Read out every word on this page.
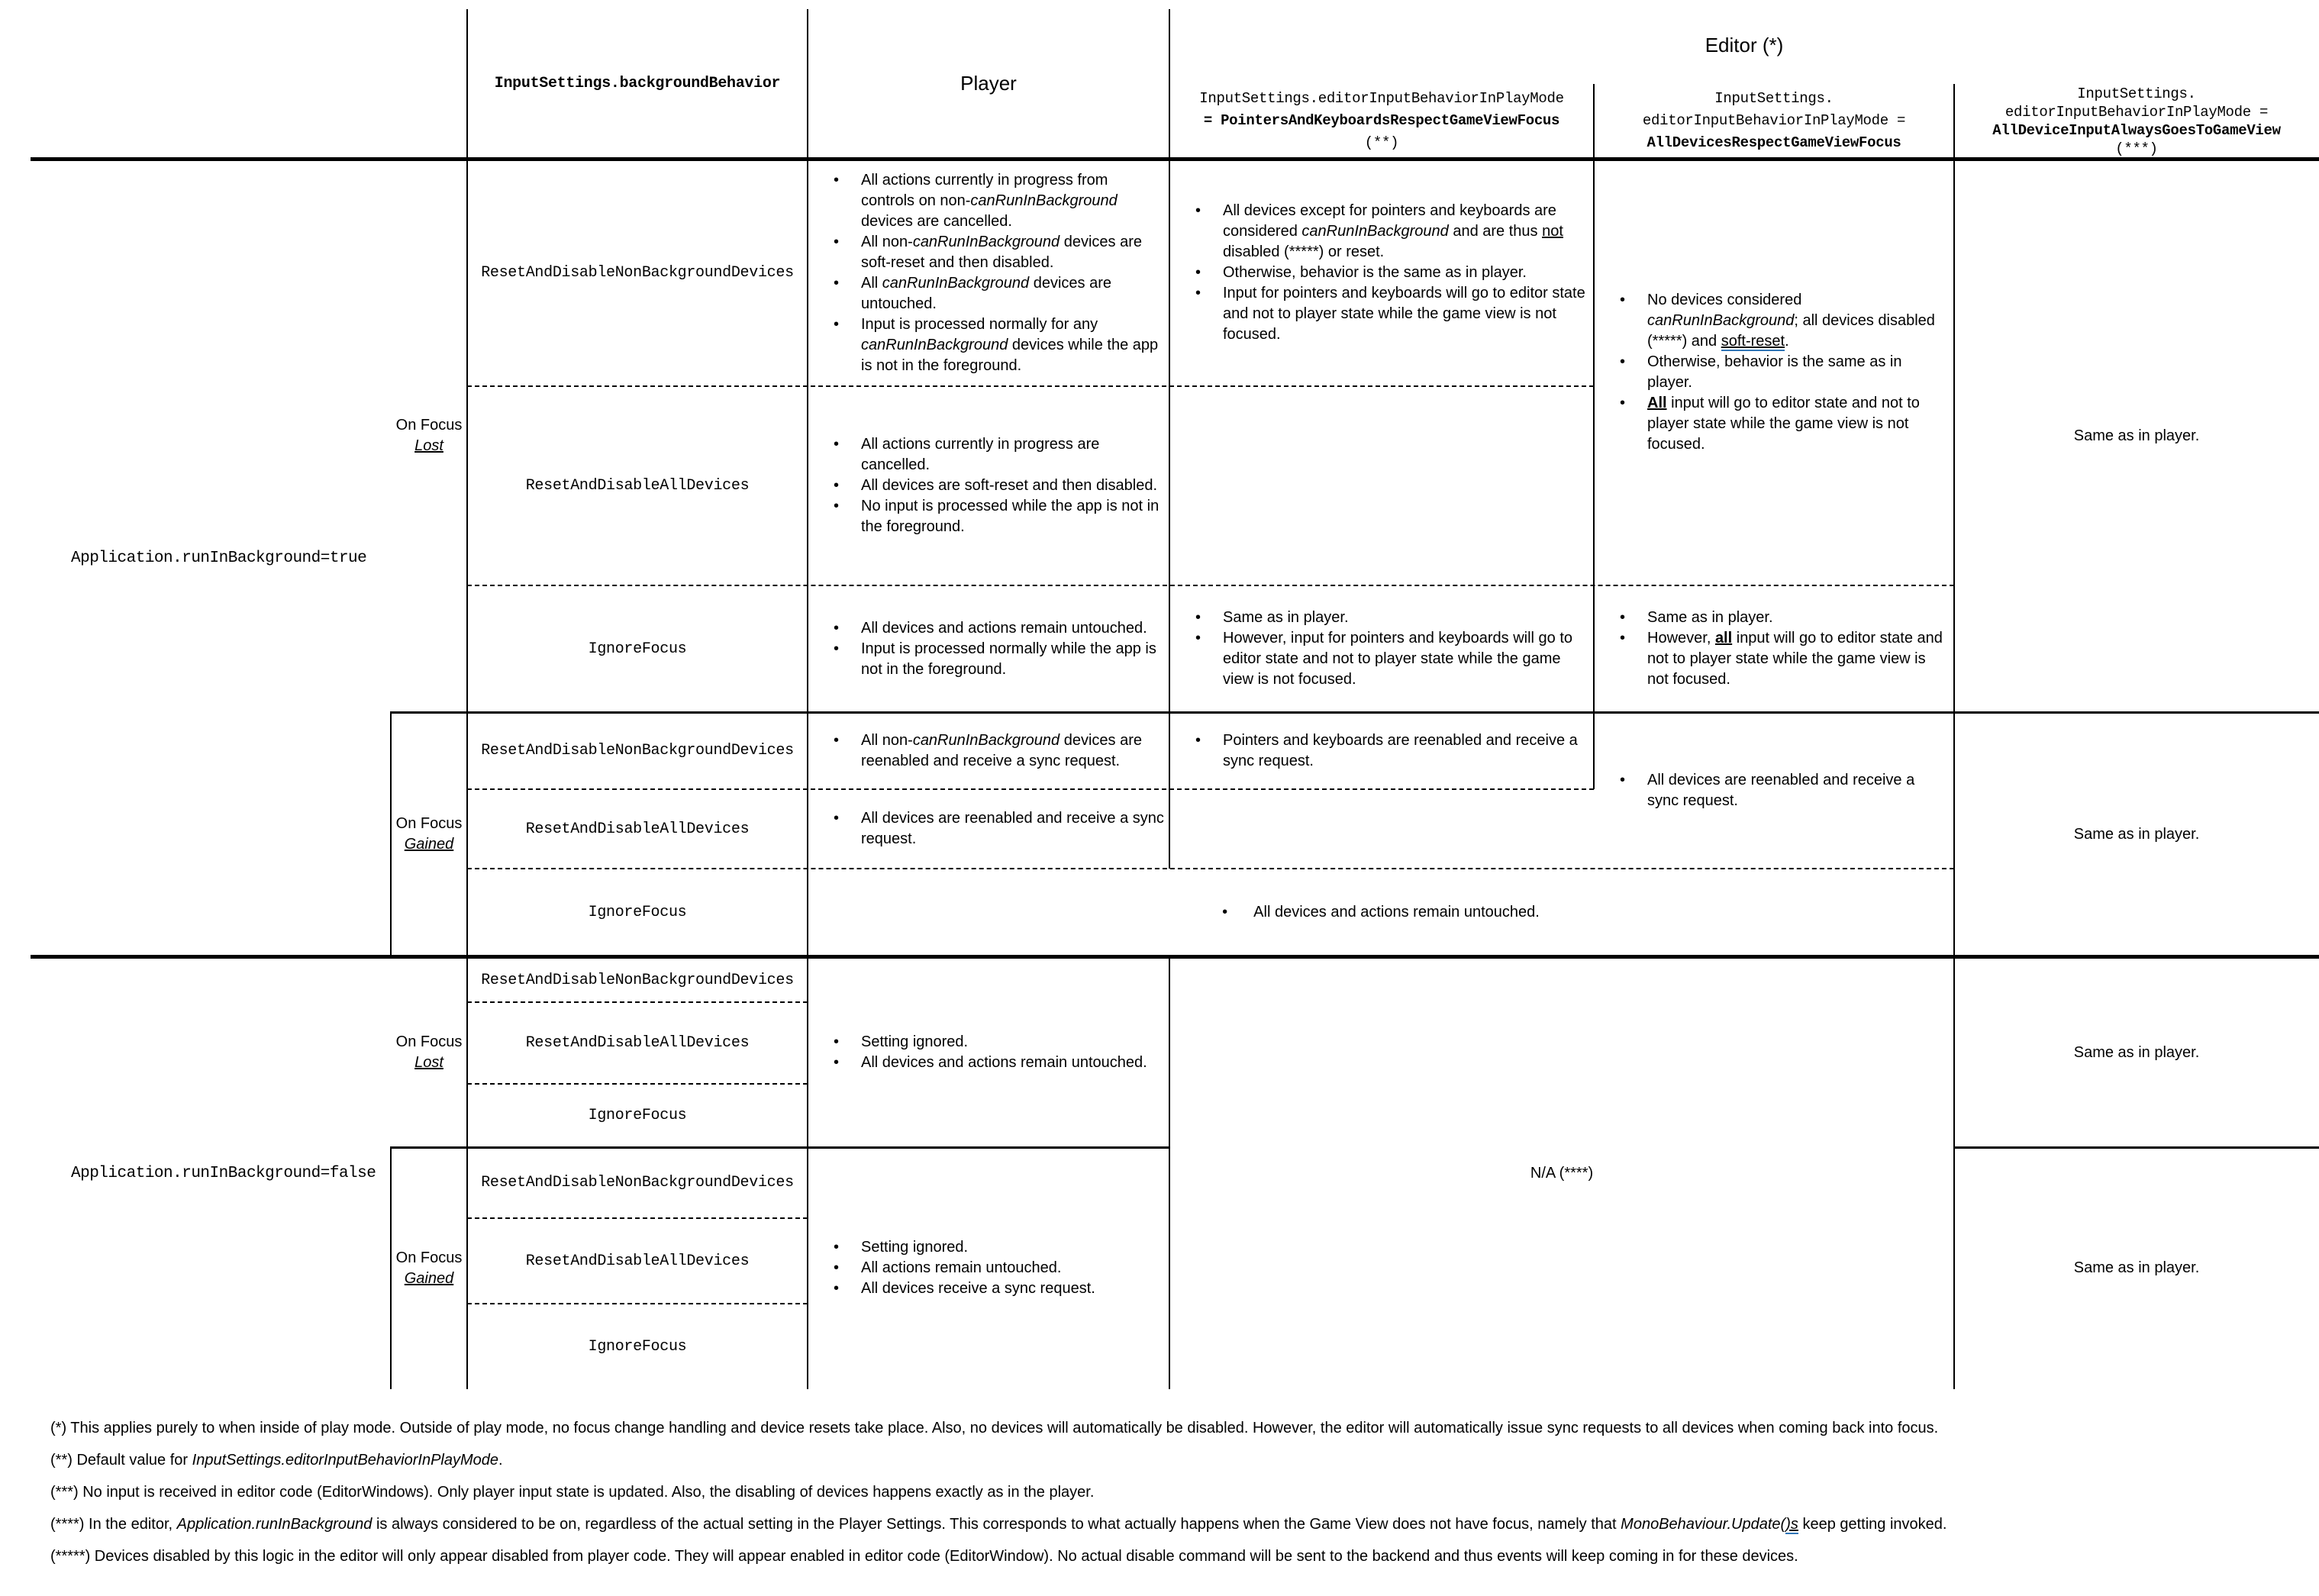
InputSettings.backgroundBehavior	Player
Editor (*)
InputSettings.editorInputBehaviorInPlayMode
= PointersAndKeyboardsRespectGameViewFocus
(**)
InputSettings.
editorInputBehaviorInPlayMode =
AllDevicesRespectGameViewFocus
InputSettings.
editorInputBehaviorInPlayMode =
AllDeviceInputAlwaysGoesToGameView
(***)
Application.runInBackground=true
Application.runInBackground=false
On Focus
Lost
On Focus
Gained
On Focus
Lost
On Focus
Gained
ResetAndDisableNonBackgroundDevices
ResetAndDisableAllDevices
IgnoreFocus
ResetAndDisableNonBackgroundDevices
ResetAndDisableAllDevices
IgnoreFocus
ResetAndDisableNonBackgroundDevices
ResetAndDisableAllDevices
IgnoreFocus
ResetAndDisableNonBackgroundDevices
ResetAndDisableAllDevices
IgnoreFocus
• All actions currently in progress from controls on non-canRunInBackground devices are cancelled.
• All non-canRunInBackground devices are soft-reset and then disabled.
• All canRunInBackground devices are untouched.
• Input is processed normally for any canRunInBackground devices while the app is not in the foreground.
• All devices except for pointers and keyboards are considered canRunInBackground and are thus not disabled (*****) or reset.
• Otherwise, behavior is the same as in player.
• Input for pointers and keyboards will go to editor state and not to player state while the game view is not focused.
• No devices considered canRunInBackground; all devices disabled (*****) and soft-reset.
• Otherwise, behavior is the same as in player.
• All input will go to editor state and not to player state while the game view is not focused.
• All actions currently in progress are cancelled.
• All devices are soft-reset and then disabled.
• No input is processed while the app is not in the foreground.
• All devices and actions remain untouched.
• Input is processed normally while the app is not in the foreground.
• Same as in player.
• However, input for pointers and keyboards will go to editor state and not to player state while the game view is not focused.
• Same as in player.
• However, all input will go to editor state and not to player state while the game view is not focused.
Same as in player.
• All non-canRunInBackground devices are reenabled and receive a sync request.
• Pointers and keyboards are reenabled and receive a sync request.
• All devices are reenabled and receive a sync request.
• All devices are reenabled and receive a sync request.
• All devices and actions remain untouched.
Same as in player.
• Setting ignored.
• All devices and actions remain untouched.
N/A (****)
Same as in player.
• Setting ignored.
• All actions remain untouched.
• All devices receive a sync request.
Same as in player.
(*) This applies purely to when inside of play mode. Outside of play mode, no focus change handling and device resets take place. Also, no devices will automatically be disabled. However, the editor will automatically issue sync requests to all devices when coming back into focus.
(**) Default value for InputSettings.editorInputBehaviorInPlayMode.
(***) No input is received in editor code (EditorWindows). Only player input state is updated. Also, the disabling of devices happens exactly as in the player.
(****) In the editor, Application.runInBackground is always considered to be on, regardless of the actual setting in the Player Settings. This corresponds to what actually happens when the Game View does not have focus, namely that MonoBehaviour.Update()s keep getting invoked.
(*****) Devices disabled by this logic in the editor will only appear disabled from player code. They will appear enabled in editor code (EditorWindow). No actual disable command will be sent to the backend and thus events will keep coming in for these devices.
